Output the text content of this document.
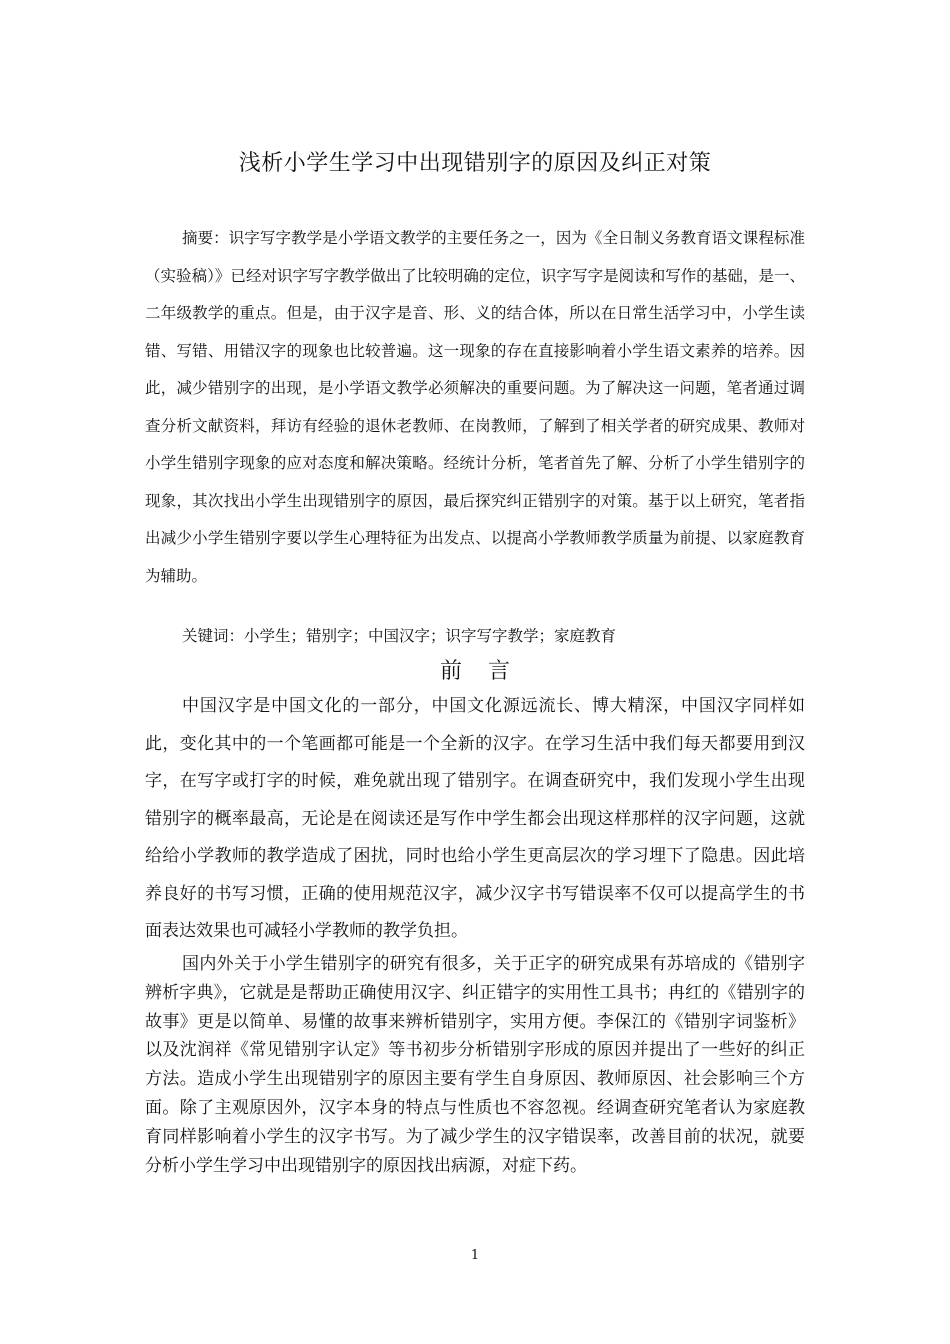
浅析小学生学习中出现错别字的原因及纠正对策

摘要：识字写字教学是小学语文教学的主要任务之一，因为《全日制义务教育语文课程标准（实验稿）》已经对识字写字教学做出了比较明确的定位，识字写字是阅读和写作的基础，是一、二年级教学的重点。但是，由于汉字是音、形、义的结合体，所以在日常生活学习中，小学生读错、写错、用错汉字的现象也比较普遍。这一现象的存在直接影响着小学生语文素养的培养。因此，减少错别字的出现，是小学语文教学必须解决的重要问题。为了解决这一问题，笔者通过调查分析文献资料，拜访有经验的退休老教师、在岗教师，了解到了相关学者的研究成果、教师对小学生错别字现象的应对态度和解决策略。经统计分析，笔者首先了解、分析了小学生错别字的现象，其次找出小学生出现错别字的原因，最后探究纠正错别字的对策。基于以上研究，笔者指出减少小学生错别字要以学生心理特征为出发点、以提高小学教师教学质量为前提、以家庭教育为辅助。

关键词：小学生；错别字；中国汉字；识字写字教学；家庭教育

前言

中国汉字是中国文化的一部分，中国文化源远流长、博大精深，中国汉字同样如此，变化其中的一个笔画都可能是一个全新的汉字。在学习生活中我们每天都要用到汉字，在写字或打字的时候，难免就出现了错别字。在调查研究中，我们发现小学生出现错别字的概率最高，无论是在阅读还是写作中学生都会出现这样那样的汉字问题，这就给给小学教师的教学造成了困扰，同时也给小学生更高层次的学习埋下了隐患。因此培养良好的书写习惯，正确的使用规范汉字，减少汉字书写错误率不仅可以提高学生的书面表达效果也可减轻小学教师的教学负担。

国内外关于小学生错别字的研究有很多，关于正字的研究成果有苏培成的《错别字辨析字典》，它就是是帮助正确使用汉字、纠正错字的实用性工具书；冉红的《错别字的故事》更是以简单、易懂的故事来辨析错别字，实用方便。李保江的《错别字词鉴析》以及沈润祥《常见错别字认定》等书初步分析错别字形成的原因并提出了一些好的纠正方法。造成小学生出现错别字的原因主要有学生自身原因、教师原因、社会影响三个方面。除了主观原因外，汉字本身的特点与性质也不容忽视。经调查研究笔者认为家庭教育同样影响着小学生的汉字书写。为了减少学生的汉字错误率，改善目前的状况，就要分析小学生学习中出现错别字的原因找出病源，对症下药。

1
